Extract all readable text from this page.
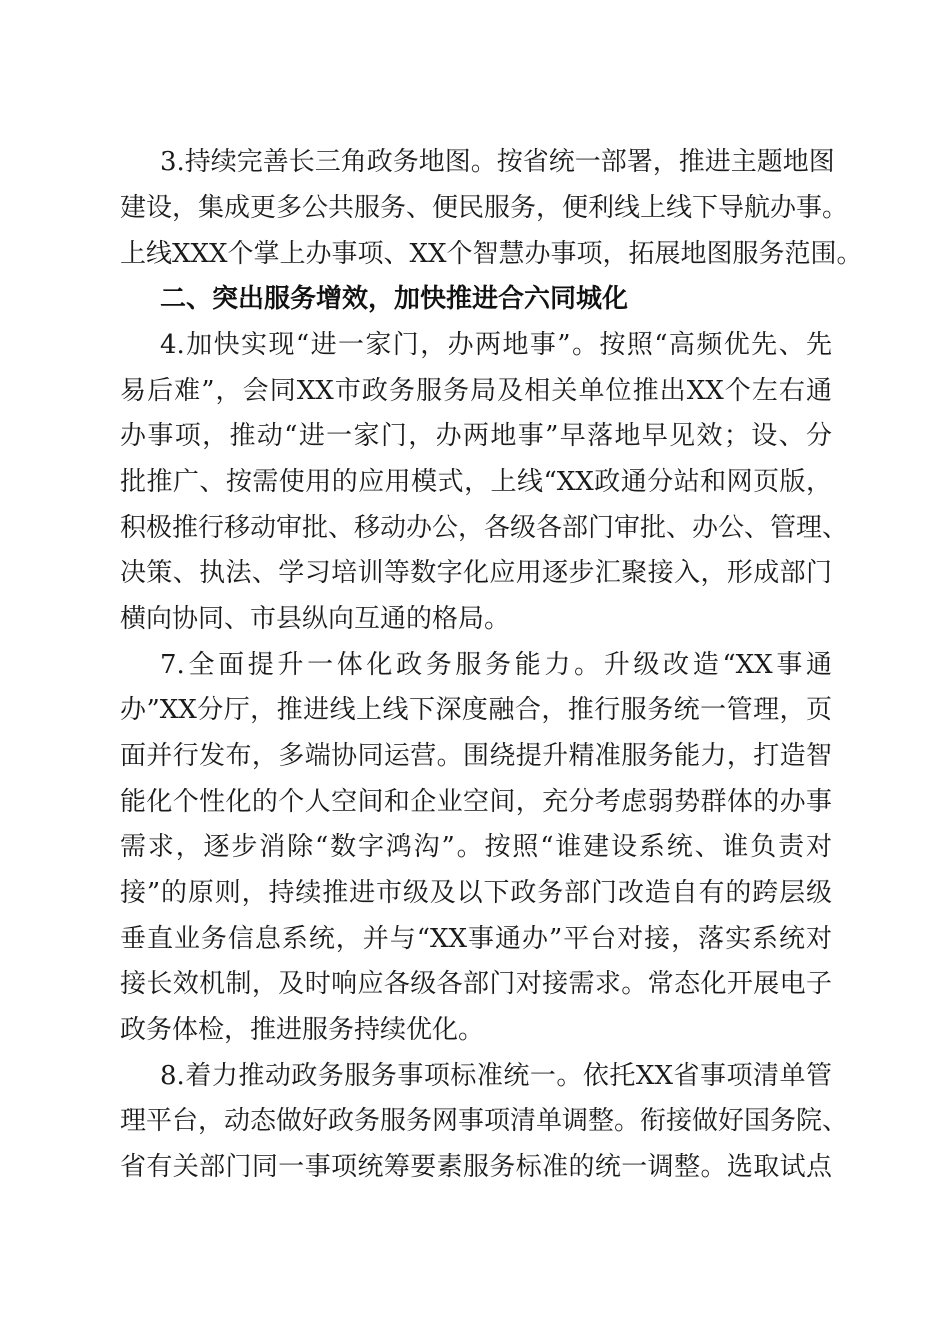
3.持续完善长三角政务地图。按省统一部署，推进主题地图
建设，集成更多公共服务、便民服务，便利线上线下导航办事。
上线XXX个掌上办事项、XX个智慧办事项，拓展地图服务范围。
二、突出服务增效，加快推进合六同城化
4.加快实现“进一家门，办两地事”。按照“高频优先、先
易后难”，会同XX市政务服务局及相关单位推出XX个左右通
办事项，推动“进一家门，办两地事”早落地早见效；设、分
批推广、按需使用的应用模式，上线“XX政通分站和网页版，
积极推行移动审批、移动办公，各级各部门审批、办公、管理、
决策、执法、学习培训等数字化应用逐步汇聚接入，形成部门
横向协同、市县纵向互通的格局。
7.全面提升一体化政务服务能力。升级改造“XX事通
办”XX分厅，推进线上线下深度融合，推行服务统一管理，页
面并行发布，多端协同运营。围绕提升精准服务能力，打造智
能化个性化的个人空间和企业空间，充分考虑弱势群体的办事
需求，逐步消除“数字鸿沟”。按照“谁建设系统、谁负责对
接”的原则，持续推进市级及以下政务部门改造自有的跨层级
垂直业务信息系统，并与“XX事通办”平台对接，落实系统对
接长效机制，及时响应各级各部门对接需求。常态化开展电子
政务体检，推进服务持续优化。
8.着力推动政务服务事项标准统一。依托XX省事项清单管
理平台，动态做好政务服务网事项清单调整。衔接做好国务院、
省有关部门同一事项统筹要素服务标准的统一调整。选取试点
